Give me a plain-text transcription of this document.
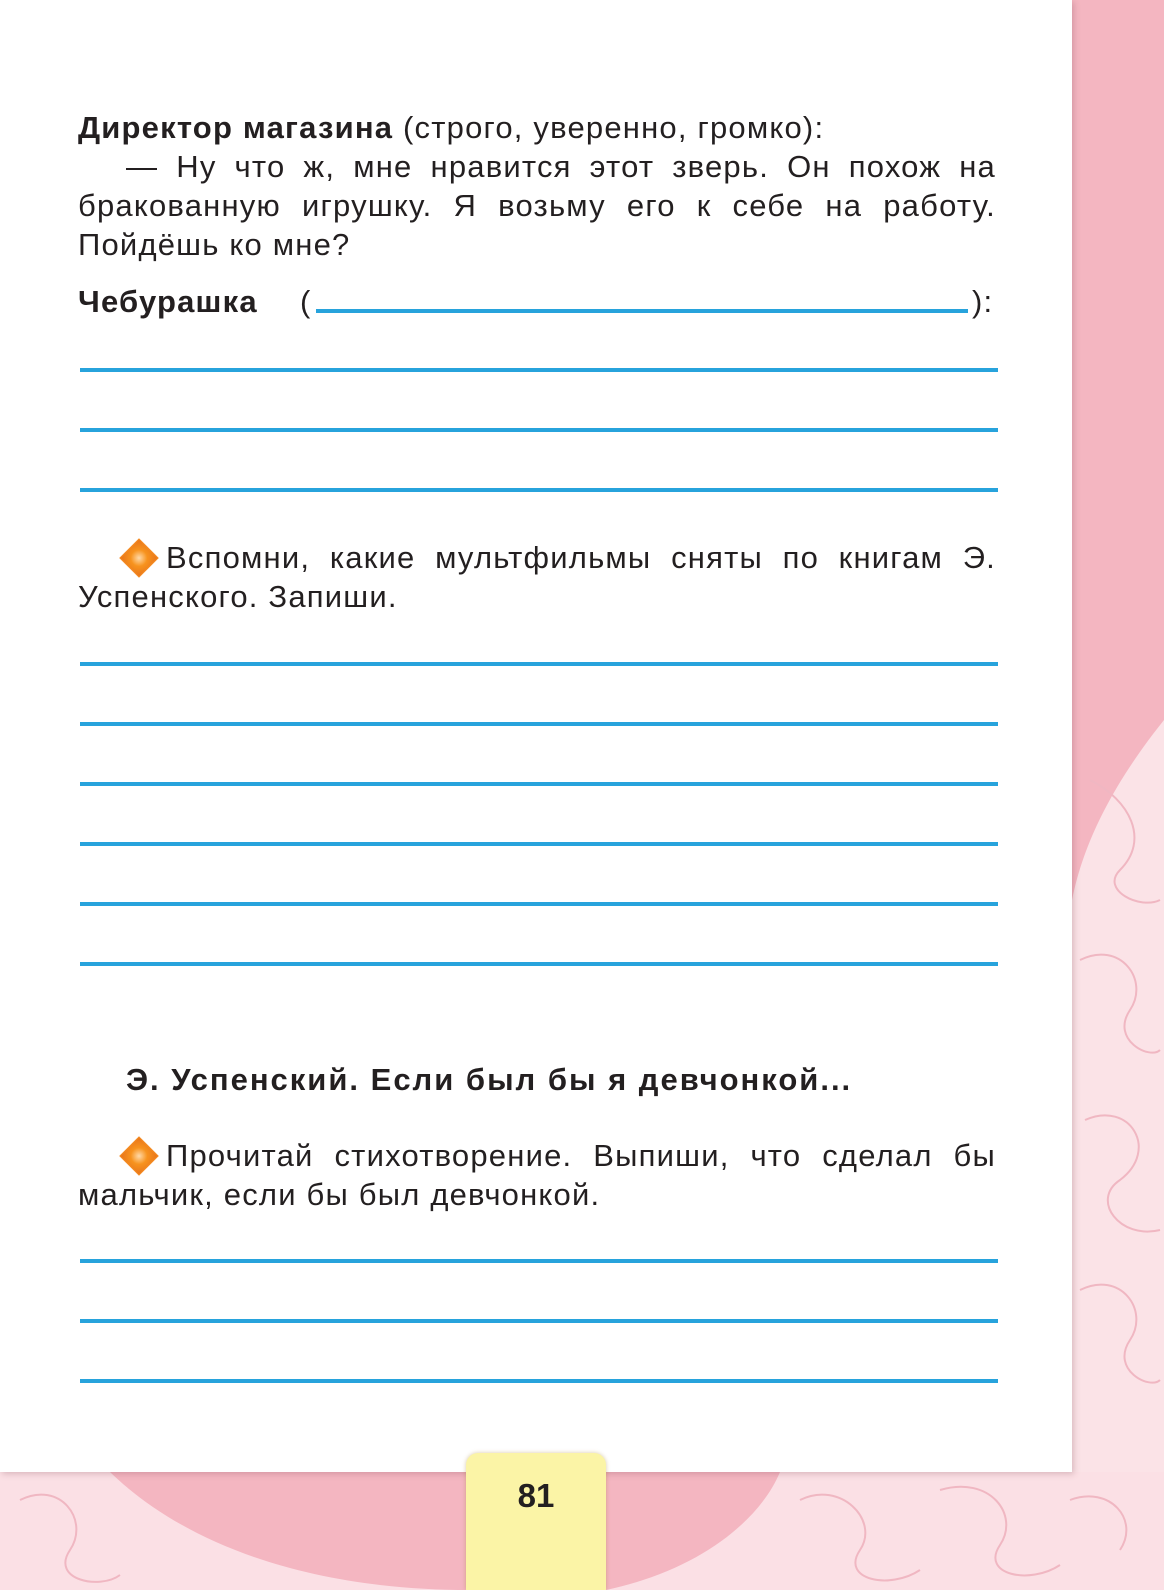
Директор магазина (строго, уверенно, громко):

— Ну что ж, мне нравится этот зверь. Он похож на бракованную игрушку. Я возьму его к себе на работу. Пойдёшь ко мне?

Чебурашка (	):

Вспомни, какие мультфильмы сняты по книгам Э. Успенского. Запиши.

Э. Успенский. Если был бы я девчонкой...

Прочитай стихотворение. Выпиши, что сделал бы мальчик, если бы был девчонкой.

81
